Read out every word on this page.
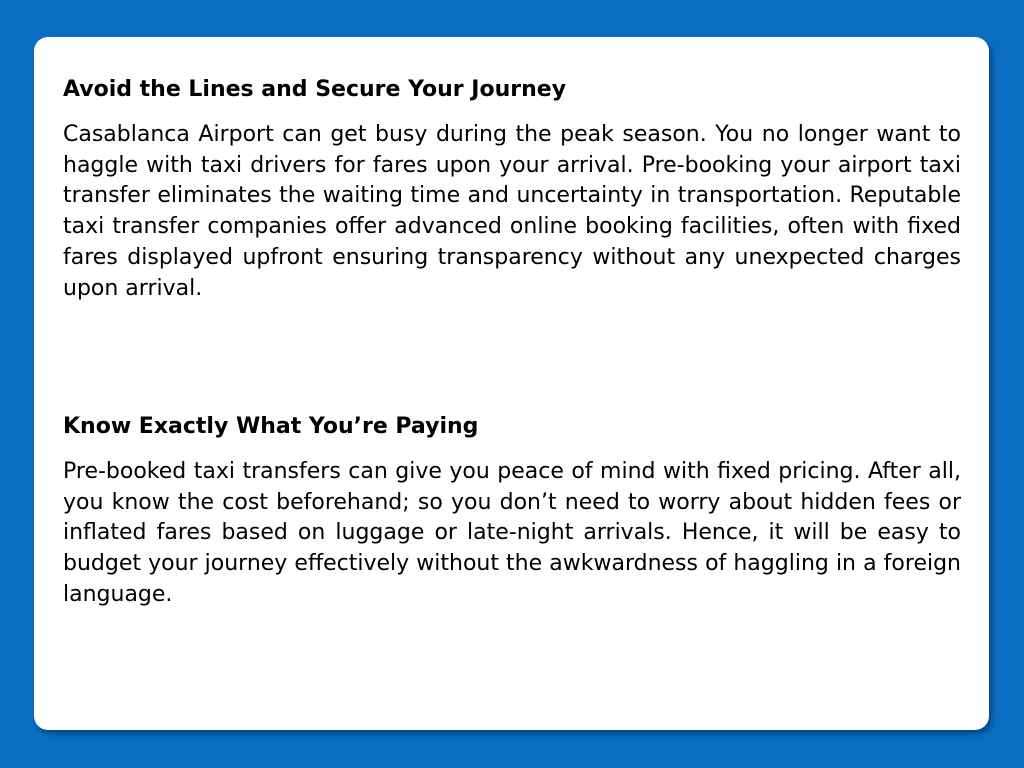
Avoid the Lines and Secure Your Journey

Casablanca Airport can get busy during the peak season. You no longer want to haggle with taxi drivers for fares upon your arrival. Pre-booking your airport taxi transfer eliminates the waiting time and uncertainty in transportation. Reputable taxi transfer companies offer advanced online booking facilities, often with fixed fares displayed upfront ensuring transparency without any unexpected charges upon arrival.

Know Exactly What You’re Paying

Pre-booked taxi transfers can give you peace of mind with fixed pricing. After all, you know the cost beforehand; so you don’t need to worry about hidden fees or inflated fares based on luggage or late-night arrivals. Hence, it will be easy to budget your journey effectively without the awkwardness of haggling in a foreign language.
